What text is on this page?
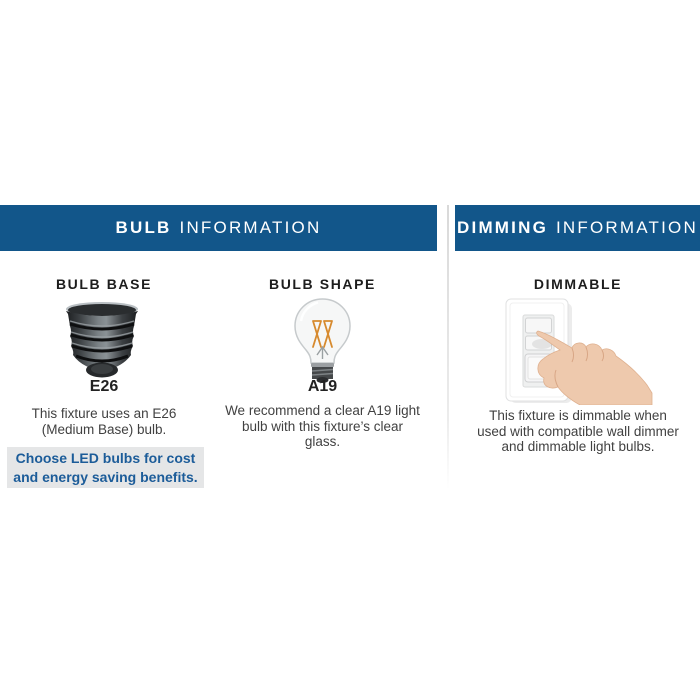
BULB INFORMATION	DIMMING INFORMATION
BULB BASE	BULB SHAPE	DIMMABLE
E26	A19
This fixture uses an E26
(Medium Base) bulb.
We recommend a clear A19 light
bulb with this fixture’s clear glass.
This fixture is dimmable when
used with compatible wall dimmer
and dimmable light bulbs.
Choose LED bulbs for cost
and energy saving benefits.
